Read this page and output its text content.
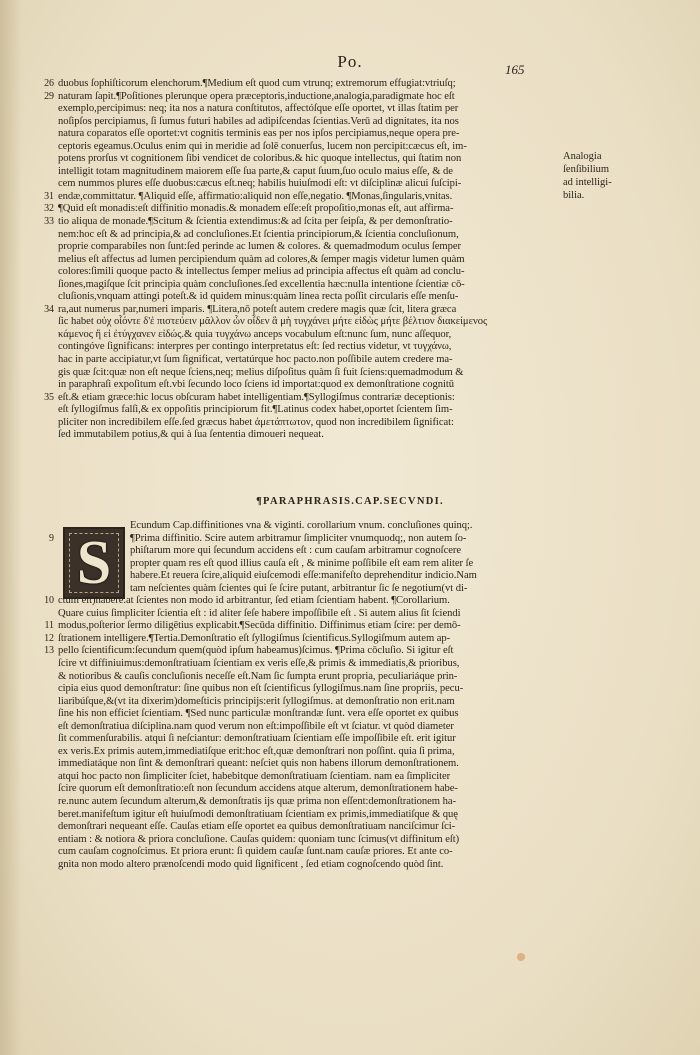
Po.	165
26 duobus ſophiſticorum elenchorum.¶Medium eſt quod cum vtrunq; extremorum effugiat:vtriuſq;
29 naturam ſapit.¶Poſitiones plerunque opera præceptoris,inductione,analogia,paradigmate hoc eſt
exemplo,percipimus: neq; ita nos a natura conſtitutos, affectóſque eſſe oportet, vt illas ſtatim per
noſipſos percipiamus, ſi ſumus futuri habiles ad adipiſcendas ſcientias.Verū ad dignitates, ita nos
natura coparatos eſſe oportet:vt cognitis terminis eas per nos ipſos percipiamus,neque opera pre-
ceptoris egeamus.Oculus enim qui in meridie ad ſolē conuerſus, lucem non percipit:cæcus eſt, im-
potens prorſus vt cognitionem ſibi vendicet de coloribus.& hic quoque intellectus, qui ſtatim non
intelligit totam magnitudinem maiorem eſſe ſua parte,& caput ſuum,ſuo oculo maius eſſe, & de
cem nummos plures eſſe duobus:cæcus eſt.neq; habilis huiuſmodi eſt: vt diſciplinæ alicui ſuſcipi-
31 endæ,committatur. ¶Aliquid eſſe, affirmatio:aliquid non eſſe,negatio. ¶Monas,ſingularis,vnitas.
32 ¶Quid eſt monadis:eſt diffinitio monadis.& monadem eſſe:eſt propoſitio,monas eſt, aut affirma-
33 tio aliqua de monade.¶Scitum & ſcientia extendimus:& ad ſcita per ſeipſa, & per demonſtratio-
nem:hoc eſt & ad principia,& ad concluſiones.Et ſcientia principiorum,& ſcientia concluſionum,
proprie comparabiles non ſunt:ſed perinde ac lumen & colores. & quemadmodum oculus ſemper
melius eſt affectus ad lumen percipiendum quàm ad colores,& ſemper magis videtur lumen quàm
colores:ſimili quoque pacto & intellectus ſemper melius ad principia affectus eſt quàm ad conclu-
ſiones,magiſque ſcit principia quàm concluſiones.ſed excellentia hæc:nulla intentione ſcientiæ cō-
cluſionis,vnquam attingi poteſt.& id quidem minus:quàm linea recta poſſit circularis eſſe menſu-
34 ra,aut numerus par,numeri imparis. ¶Litera,nō poteſt autem credere magis quæ ſcit, litera græca
ſic habet οὐχ οἷόντε δ'ἐ πιστεύειν μᾶλλον ὧν οἶδεν ἃ μὴ τυγχάνει μήτε εἰδὼς μήτε βέλτιον διακείμενος
κάμενος ἢ εἰ ἐτύγχανεν εἰδώς.& quia τυγχάνω anceps vocabulum eſt:nunc ſum, nunc aſſequor,
contingóve ſignificans: interpres per contingo interpretatus eſt: ſed rectius videtur, vt τυγχάνω,
hac in parte accipiatur,vt ſum ſignificat, vertatúrque hoc pacto.non poſſibile autem credere ma-
gis quæ ſcit:quæ non eſt neque ſciens,neq; melius diſpoſitus quàm ſi fuit ſciens:quemadmodum &
in paraphraſi expoſitum eſt.vbi ſecundo loco ſciens id importat:quod ex demonſtratione cognitū
35 eſt.& etiam græce:hic locus obſcuram habet intelligentiam.¶Syllogiſmus contrariæ deceptionis:
eſt ſyllogiſmus falſi,& ex oppoſitis principiorum fit.¶Latinus codex habet,oportet ſcientem ſim-
pliciter non incredibilem eſſe.ſed græcus habet ἀμετάπτωτον, quod non incredibilem ſignificat:
ſed immutabilem potius,& qui à ſua ſententia dimoueri nequeat.
Analogia
ſenſibilium
ad intelligi-
bilia.
¶PARAPHRASIS.CAP.SECVNDI.
S
Ecundum Cap.diffinitiones vna & viginti. corollarium vnum. concluſiones quinq;.
9	¶Prima diffinitio. Scire autem arbitramur ſimpliciter vnumquodq;, non autem ſo-
phiſtarum more qui ſecundum accidens eſt : cum cauſam arbitramur cognoſcere
propter quam res eſt quod illius cauſa eſt , & minime poſſibile eſt eam rem aliter ſe
habere.Et reuera ſcire,aliquid eiuſcemodi eſſe:manifeſto deprehenditur indicio.Nam
tam neſcientes quàm ſcientes qui ſe ſcire putant, arbitrantur ſic ſe negotium(vt di-
10 ctum eſt)habere.at ſcientes non modo id arbitrantur, ſed etiam ſcientiam habent. ¶Corollarium.
Quare cuius ſimpliciter ſcientia eſt : id aliter ſeſe habere impoſſibile eſt . Si autem alius ſit ſciendi
11 modus,poſterior ſermo diligētius explicabit.¶Secūda diffinitio. Diffinimus etiam ſcire: per demō-
12 ſtrationem intelligere.¶Tertia.Demonſtratio eſt ſyllogiſmus ſcientificus.Syllogiſmum autem ap-
13 pello ſcientificum:ſecundum quem(quòd ipſum habeamus)ſcimus. ¶Prima cōcluſio. Si igitur eſt
ſcire vt diffiniuimus:demonſtratiuam ſcientiam ex veris eſſe,& primis & immediatis,& prioribus,
& notioribus & cauſis concluſionis neceſſe eſt.Nam ſic ſumpta erunt propria, peculiariáque prin-
cipia eius quod demonſtratur: ſine quibus non eſt ſcientificus ſyllogiſmus.nam ſine propriis, pecu-
liaribúſque,&(vt ita dixerim)domeſticis principijs:erit ſyllogiſmus. at demonſtratio non erit.nam
ſine his non efficiet ſcientiam. ¶Sed nunc particulæ monſtrandæ ſunt. vera eſſe oportet ex quibus
eſt demonſtratiua diſciplina.nam quod verum non eſt:impoſſibile eſt vt ſciatur. vt quòd diameter
ſit commenſurabilis. atqui ſi neſciantur: demonſtratiuam ſcientiam eſſe impoſſibile eſt. erit igitur
ex veris.Ex primis autem,immediatiſque erit:hoc eſt,quæ demonſtrari non poſſint. quia ſi prima,
immediatáque non ſint & demonſtrari queant: neſciet quis non habens illorum demonſtrationem.
atqui hoc pacto non ſimpliciter ſciet, habebitque demonſtratiuam ſcientiam. nam ea ſimpliciter
ſcire quorum eſt demonſtratio:eſt non ſecundum accidens atque alterum, demonſtrationem habe-
re.nunc autem ſecundum alterum,& demonſtratis ijs quæ prima non eſſent:demonſtrationem ha-
beret.manifeſtum igitur eſt huiuſmodi demonſtratiuam ſcientiam ex primis,immediatiſque & quę
demonſtrari nequeant eſſe. Cauſas etiam eſſe oportet ea quibus demonſtratiuam nanciſcimur ſci-
entiam : & notiora & priora concluſione. Cauſas quidem: quoniam tunc ſcimus(vt diffinitum eſt)
cum cauſam cognoſcimus. Et priora erunt: ſi quidem cauſæ ſunt.nam cauſæ priores. Et ante co-
gnita non modo altero prænoſcendi modo quid ſignificent , ſed etiam cognoſcendo quòd ſint.
